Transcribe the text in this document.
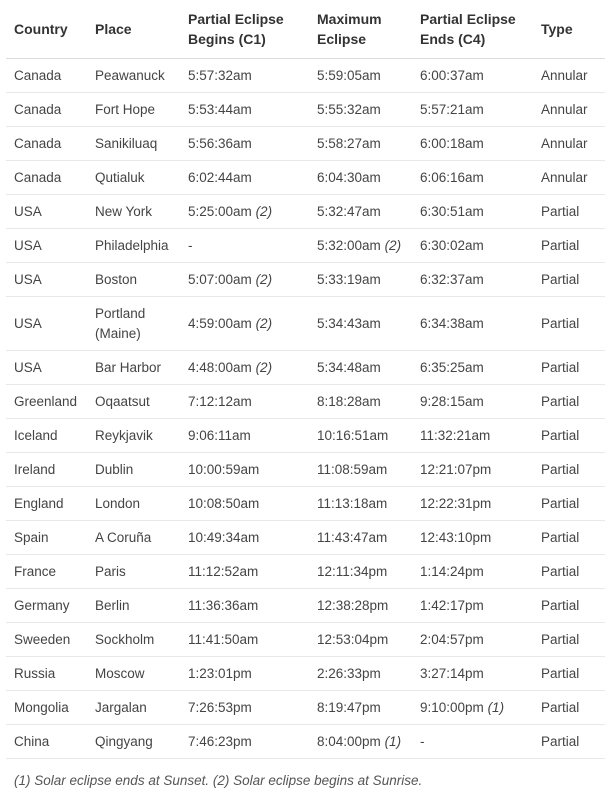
Country	Place	Partial Eclipse Begins (C1)	Maximum Eclipse	Partial Eclipse Ends (C4)	Type
Canada	Peawanuck	5:57:32am	5:59:05am	6:00:37am	Annular
Canada	Fort Hope	5:53:44am	5:55:32am	5:57:21am	Annular
Canada	Sanikiluaq	5:56:36am	5:58:27am	6:00:18am	Annular
Canada	Qutialuk	6:02:44am	6:04:30am	6:06:16am	Annular
USA	New York	5:25:00am (2)	5:32:47am	6:30:51am	Partial
USA	Philadelphia	-	5:32:00am (2)	6:30:02am	Partial
USA	Boston	5:07:00am (2)	5:33:19am	6:32:37am	Partial
USA	Portland (Maine)	4:59:00am (2)	5:34:43am	6:34:38am	Partial
USA	Bar Harbor	4:48:00am (2)	5:34:48am	6:35:25am	Partial
Greenland	Oqaatsut	7:12:12am	8:18:28am	9:28:15am	Partial
Iceland	Reykjavik	9:06:11am	10:16:51am	11:32:21am	Partial
Ireland	Dublin	10:00:59am	11:08:59am	12:21:07pm	Partial
England	London	10:08:50am	11:13:18am	12:22:31pm	Partial
Spain	A Coruña	10:49:34am	11:43:47am	12:43:10pm	Partial
France	Paris	11:12:52am	12:11:34pm	1:14:24pm	Partial
Germany	Berlin	11:36:36am	12:38:28pm	1:42:17pm	Partial
Sweeden	Sockholm	11:41:50am	12:53:04pm	2:04:57pm	Partial
Russia	Moscow	1:23:01pm	2:26:33pm	3:27:14pm	Partial
Mongolia	Jargalan	7:26:53pm	8:19:47pm	9:10:00pm (1)	Partial
China	Qingyang	7:46:23pm	8:04:00pm (1)	-	Partial
(1) Solar eclipse ends at Sunset. (2) Solar eclipse begins at Sunrise.
